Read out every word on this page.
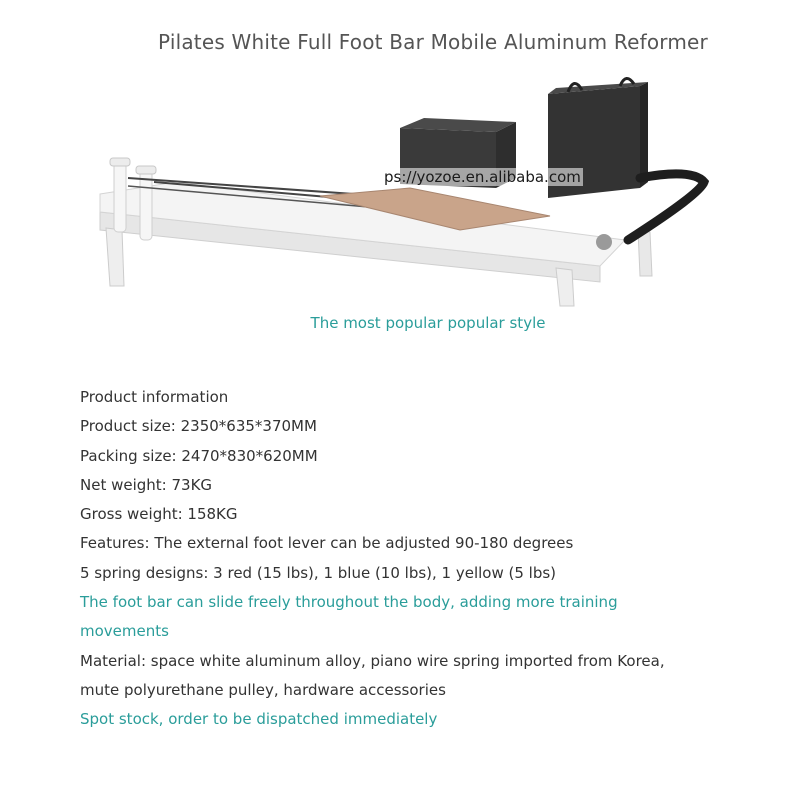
Pilates White Full Foot Bar Mobile Aluminum Reformer
ps://yozoe.en.alibaba.com
The most popular popular style
Product information
Product size: 2350*635*370MM
Packing size: 2470*830*620MM
Net weight: 73KG
Gross weight: 158KG
Features: The external foot lever can be adjusted 90-180 degrees
5 spring designs: 3 red (15 lbs), 1 blue (10 lbs), 1 yellow (5 lbs)
The foot bar can slide freely throughout the body, adding more training
movements
Material: space white aluminum alloy, piano wire spring imported from Korea,
mute polyurethane pulley, hardware accessories
Spot stock, order to be dispatched immediately
